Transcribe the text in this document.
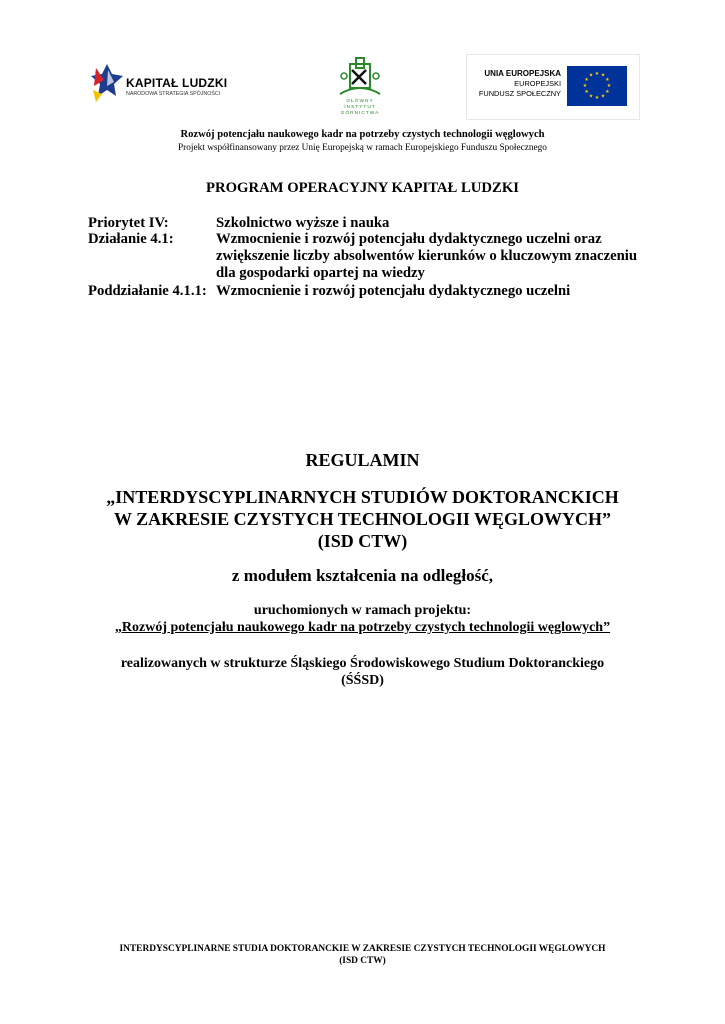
KAPITAŁ LUDZKI
NARODOWA STRATEGIA SPÓJNOŚCI
GŁÓWNY
INSTYTUT
GÓRNICTWA
UNIA EUROPEJSKA
EUROPEJSKI
FUNDUSZ SPOŁECZNY
★ ★
★
★
★
★
★
★
★
★
★
★
Rozwój potencjału naukowego kadr na potrzeby czystych technologii węglowych
Projekt współfinansowany przez Unię Europejską w ramach Europejskiego Funduszu Społecznego
PROGRAM OPERACYJNY KAPITAŁ LUDZKI
Priorytet IV:	Szkolnictwo wyższe i nauka
Działanie 4.1:	Wzmocnienie i rozwój potencjału dydaktycznego uczelni oraz
zwiększenie liczby absolwentów kierunków o kluczowym znaczeniu
dla gospodarki opartej na wiedzy
Poddziałanie 4.1.1: Wzmocnienie i rozwój potencjału dydaktycznego uczelni
REGULAMIN
„INTERDYSCYPLINARNYCH STUDIÓW DOKTORANCKICH
W ZAKRESIE CZYSTYCH TECHNOLOGII WĘGLOWYCH”
(ISD CTW)
z modułem kształcenia na odległość,
uruchomionych w ramach projektu:
„Rozwój potencjału naukowego kadr na potrzeby czystych technologii węglowych”
realizowanych w strukturze Śląskiego Środowiskowego Studium Doktoranckiego
(ŚŚSD)
INTERDYSCYPLINARNE STUDIA DOKTORANCKIE W ZAKRESIE CZYSTYCH TECHNOLOGII WĘGLOWYCH
(ISD CTW)
